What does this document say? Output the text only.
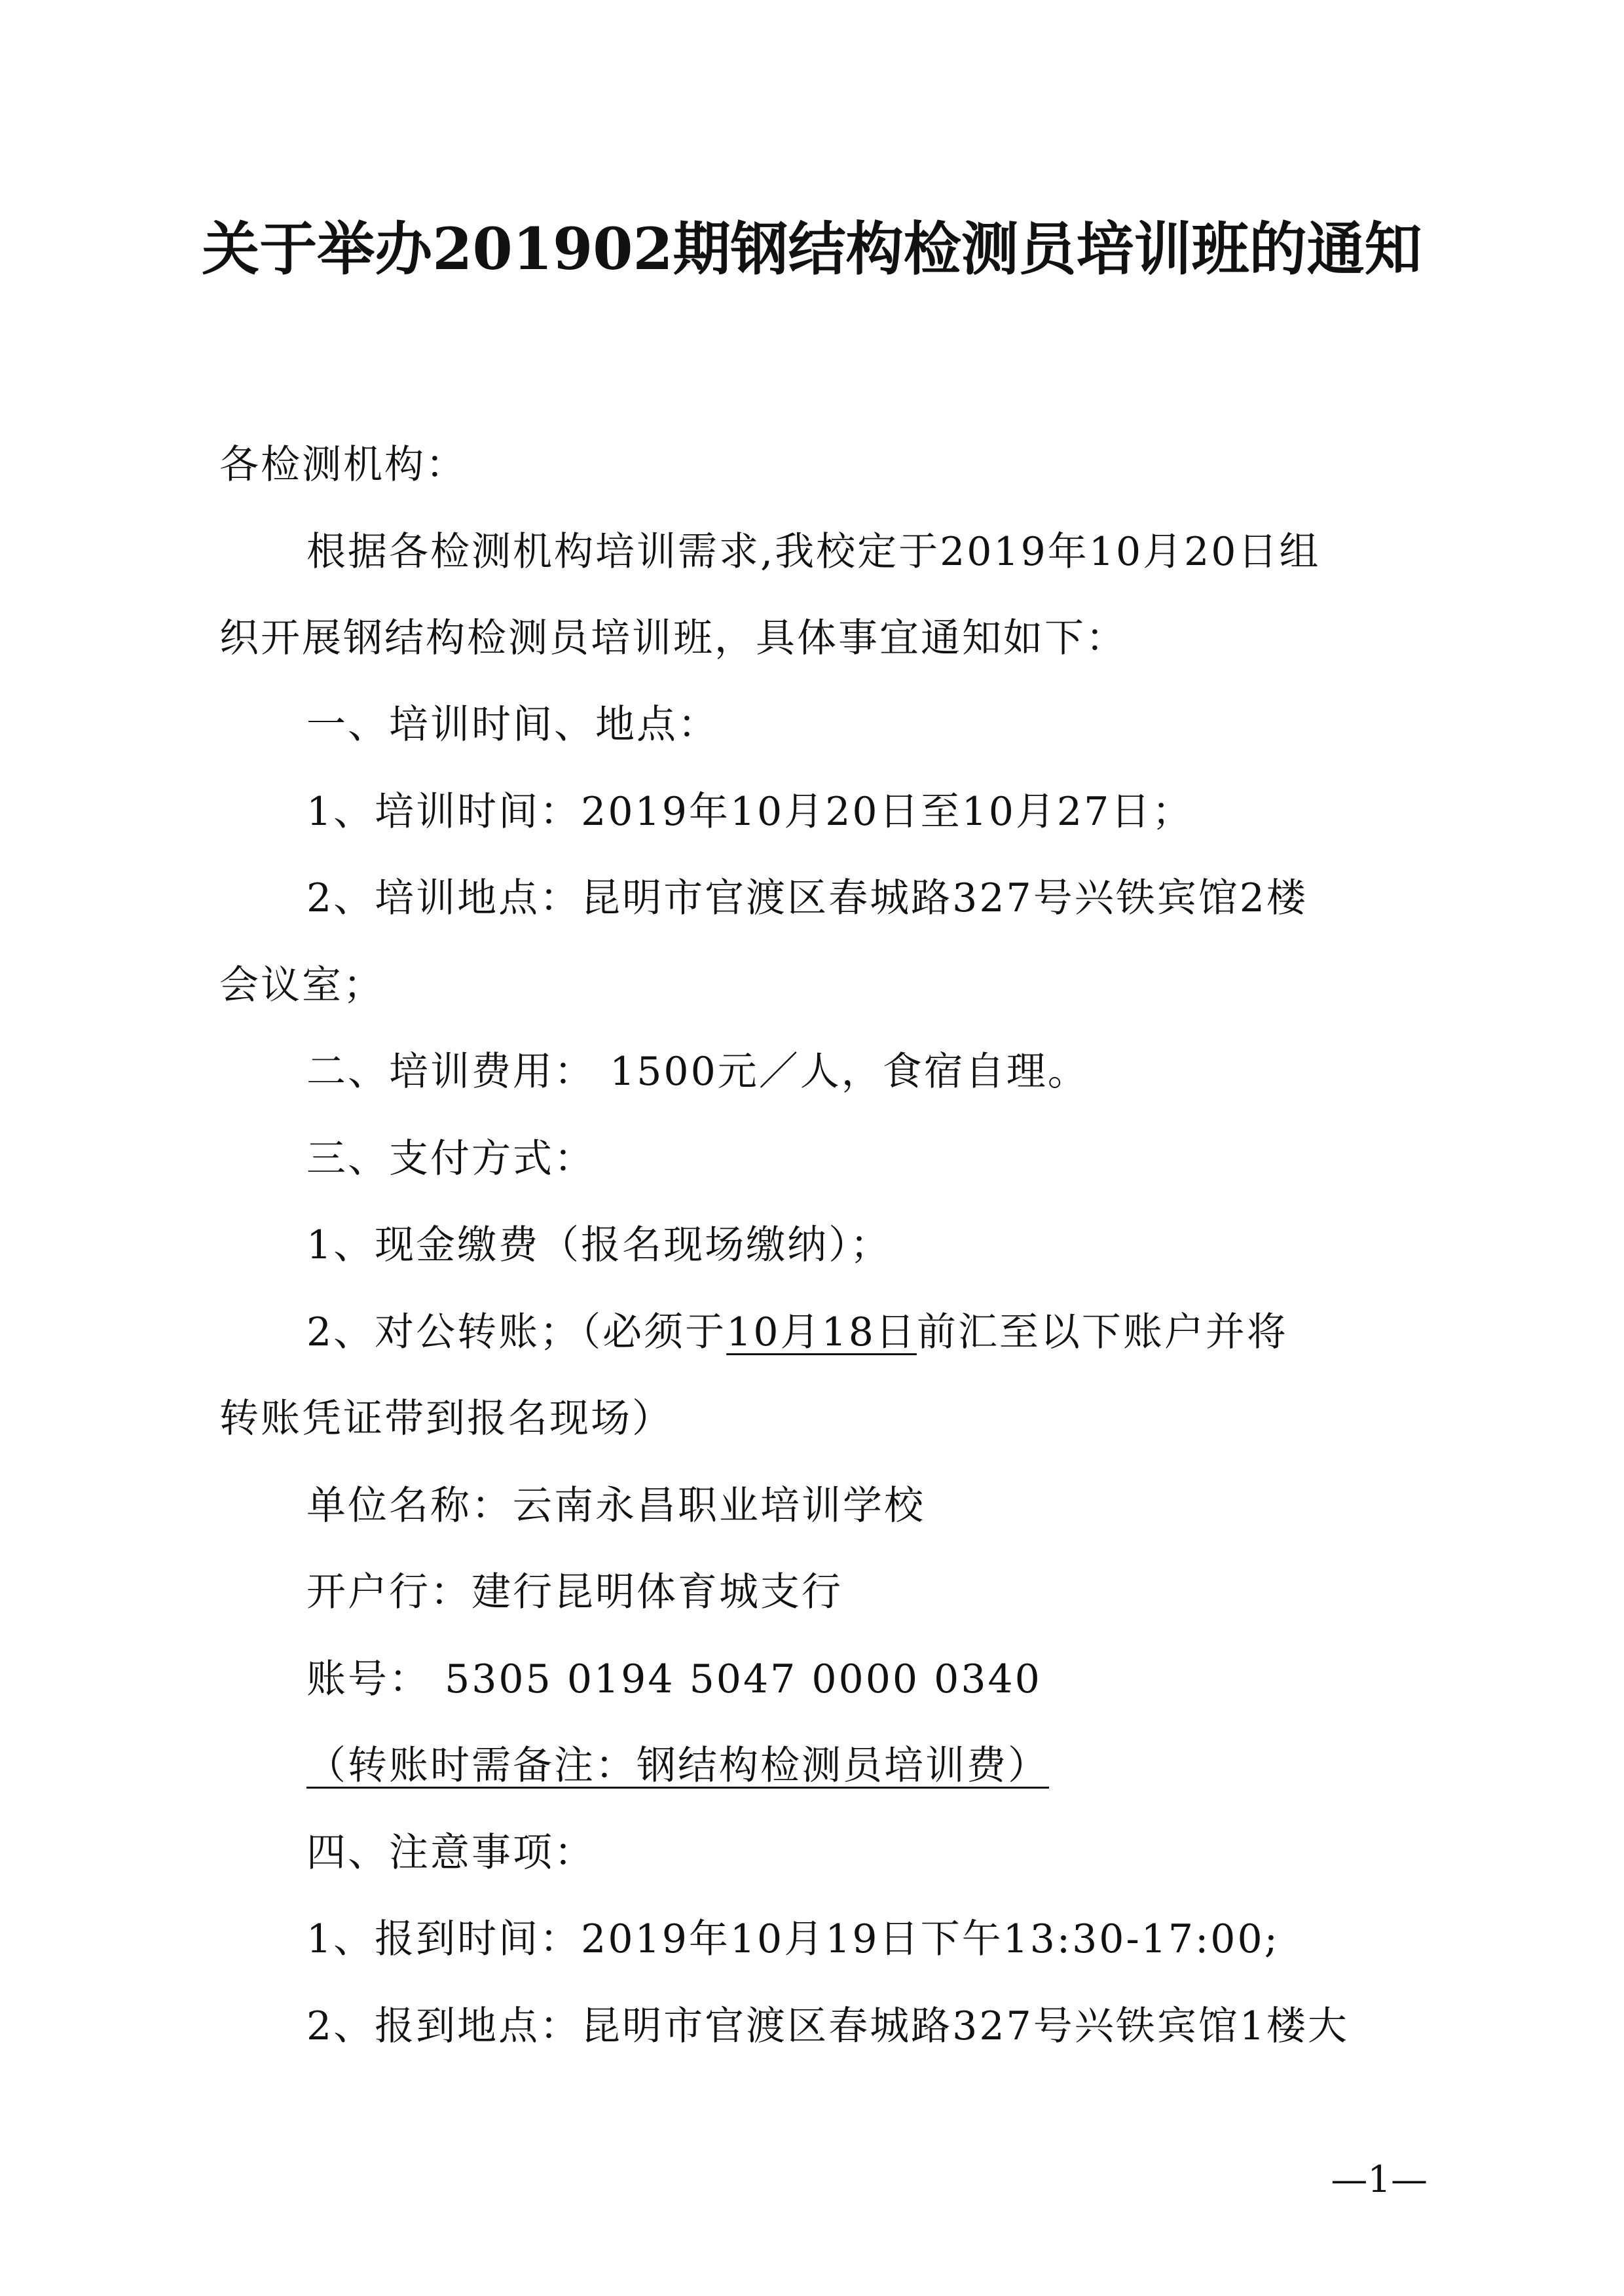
关于举办201902期钢结构检测员培训班的通知
各检测机构：
根据各检测机构培训需求,我校定于2019年10月20日组
织开展钢结构检测员培训班，具体事宜通知如下：
一、培训时间、地点：
1、培训时间：2019年10月20日至10月27日；
2、培训地点：昆明市官渡区春城路327号兴铁宾馆2楼
会议室；
二、培训费用： 1500元／人，食宿自理。
三、支付方式：
1、现金缴费（报名现场缴纳）；
2、对公转账；（必须于10月18日前汇至以下账户并将
转账凭证带到报名现场）
单位名称：云南永昌职业培训学校
开户行：建行昆明体育城支行
账号： 5305 0194 5047 0000 0340
（转账时需备注：钢结构检测员培训费）
四、注意事项：
1、报到时间：2019年10月19日下午13:30-17:00;
2、报到地点：昆明市官渡区春城路327号兴铁宾馆1楼大
—1—
